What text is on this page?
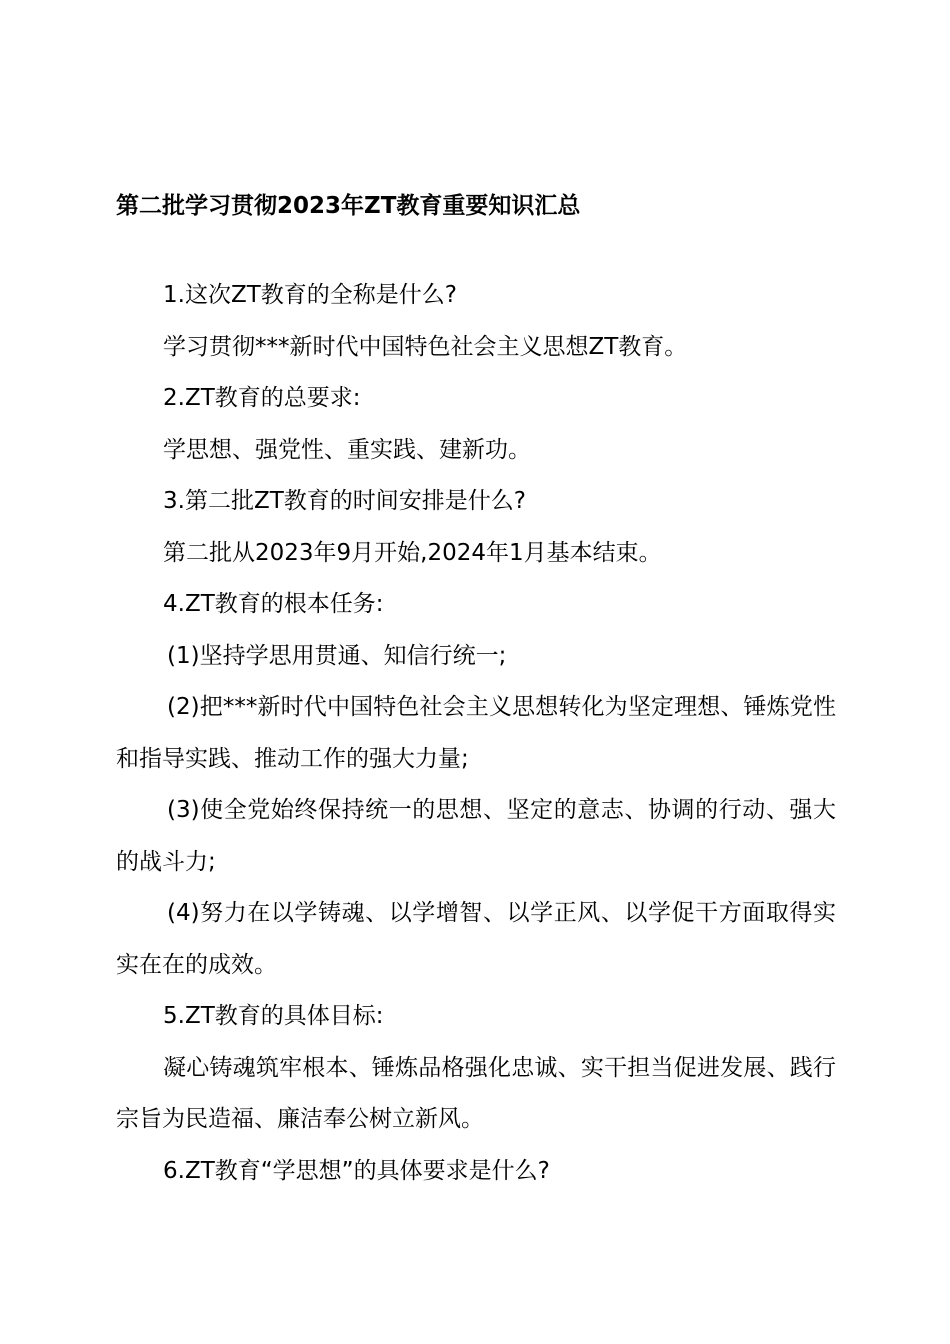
第二批学习贯彻2023年ZT教育重要知识汇总

1.这次ZT教育的全称是什么?

学习贯彻***新时代中国特色社会主义思想ZT教育。

2.ZT教育的总要求:

学思想、强党性、重实践、建新功。

3.第二批ZT教育的时间安排是什么?

第二批从2023年9月开始,2024年1月基本结束。

4.ZT教育的根本任务:

(1)坚持学思用贯通、知信行统一;

(2)把***新时代中国特色社会主义思想转化为坚定理想、锤炼党性和指导实践、推动工作的强大力量;

(3)使全党始终保持统一的思想、坚定的意志、协调的行动、强大的战斗力;

(4)努力在以学铸魂、以学增智、以学正风、以学促干方面取得实实在在的成效。

5.ZT教育的具体目标:

凝心铸魂筑牢根本、锤炼品格强化忠诚、实干担当促进发展、践行宗旨为民造福、廉洁奉公树立新风。

6.ZT教育“学思想”的具体要求是什么?
